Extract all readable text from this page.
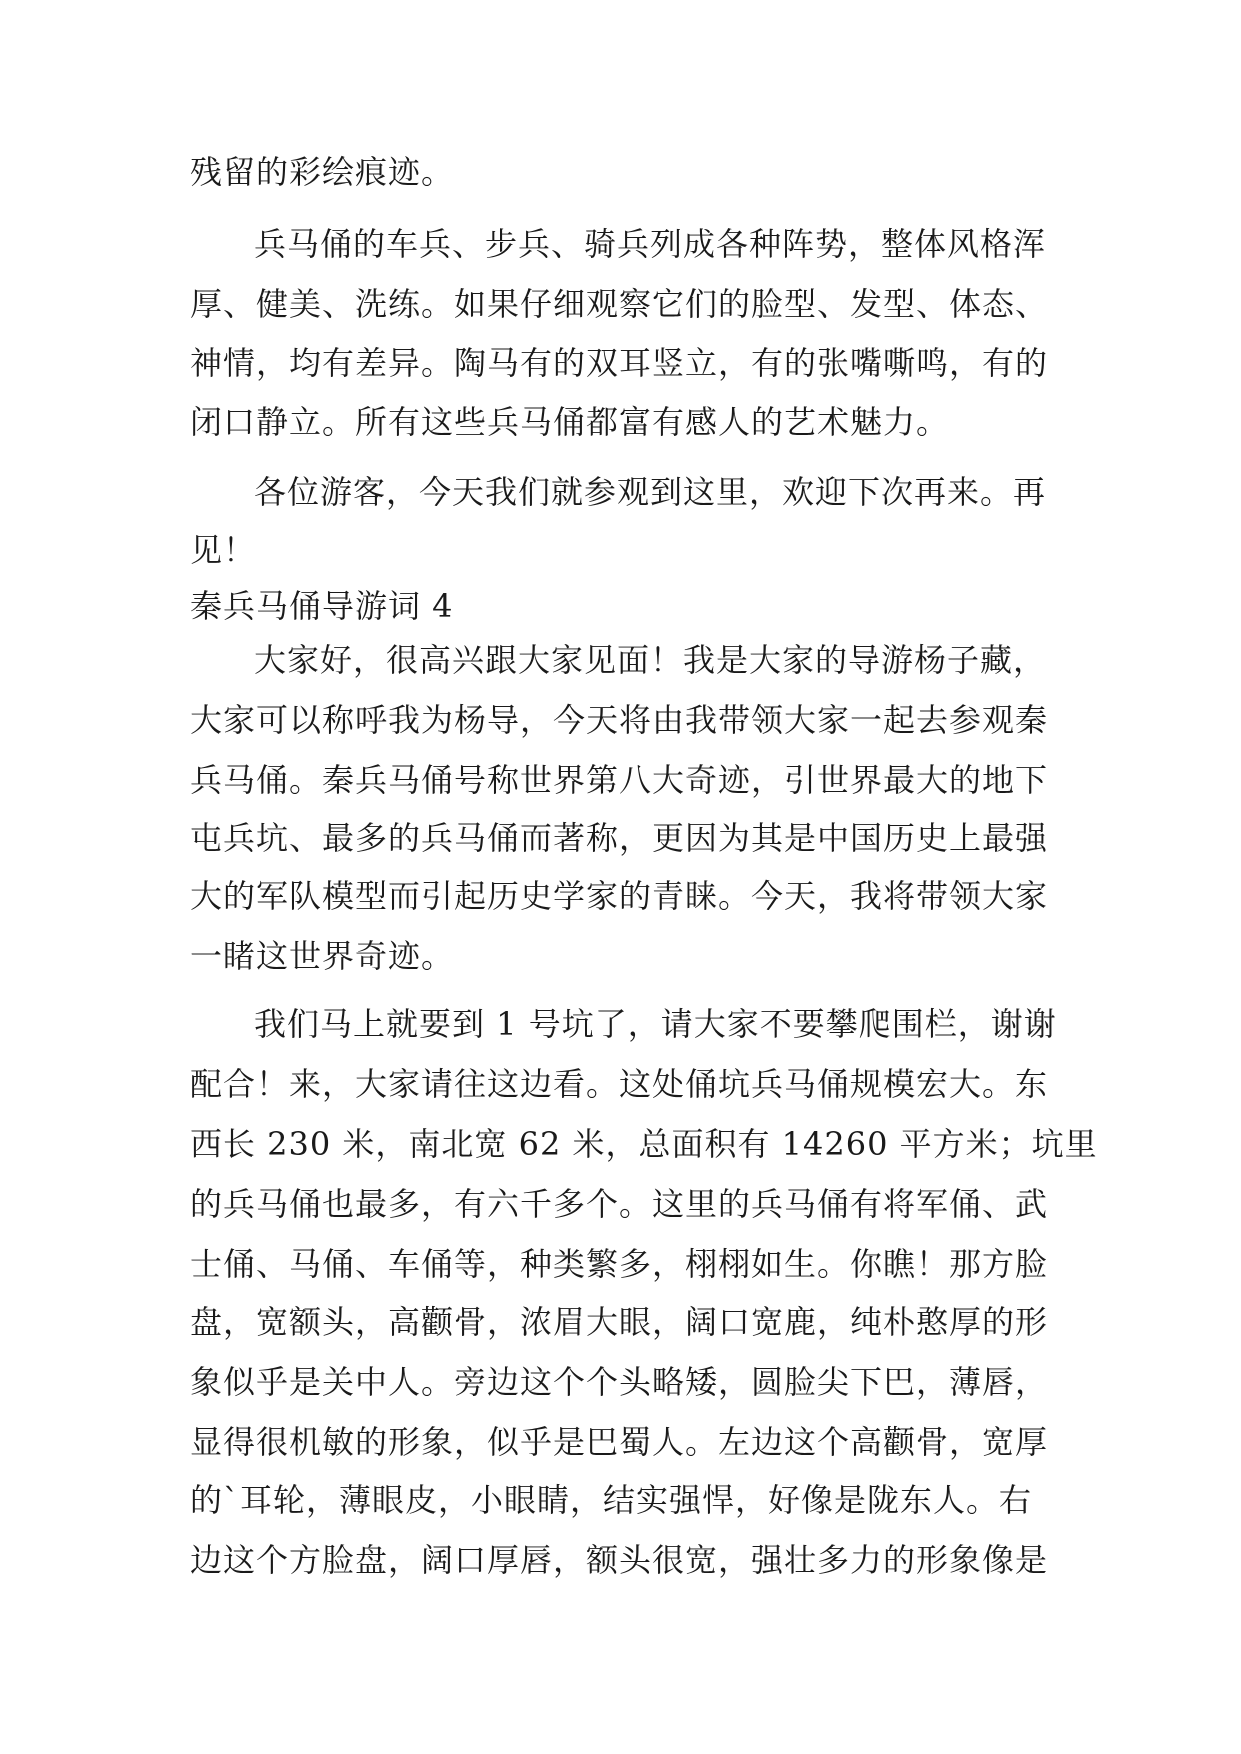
残留的彩绘痕迹。
兵马俑的车兵、步兵、骑兵列成各种阵势，整体风格浑
厚、健美、洗练。如果仔细观察它们的脸型、发型、体态、
神情，均有差异。陶马有的双耳竖立，有的张嘴嘶鸣，有的
闭口静立。所有这些兵马俑都富有感人的艺术魅力。
各位游客，今天我们就参观到这里，欢迎下次再来。再
见！
秦兵马俑导游词 4
大家好，很高兴跟大家见面！我是大家的导游杨子藏，
大家可以称呼我为杨导，今天将由我带领大家一起去参观秦
兵马俑。秦兵马俑号称世界第八大奇迹，引世界最大的地下
屯兵坑、最多的兵马俑而著称，更因为其是中国历史上最强
大的军队模型而引起历史学家的青睐。今天，我将带领大家
一睹这世界奇迹。
我们马上就要到 1 号坑了，请大家不要攀爬围栏，谢谢
配合！来，大家请往这边看。这处俑坑兵马俑规模宏大。东
西长 230 米，南北宽 62 米，总面积有 14260 平方米；坑里
的兵马俑也最多，有六千多个。这里的兵马俑有将军俑、武
士俑、马俑、车俑等，种类繁多，栩栩如生。你瞧！那方脸
盘，宽额头，高颧骨，浓眉大眼，阔口宽鹿，纯朴憨厚的形
象似乎是关中人。旁边这个个头略矮，圆脸尖下巴，薄唇，
显得很机敏的形象，似乎是巴蜀人。左边这个高颧骨，宽厚
的`耳轮，薄眼皮，小眼睛，结实强悍，好像是陇东人。右
边这个方脸盘，阔口厚唇，额头很宽，强壮多力的形象像是
